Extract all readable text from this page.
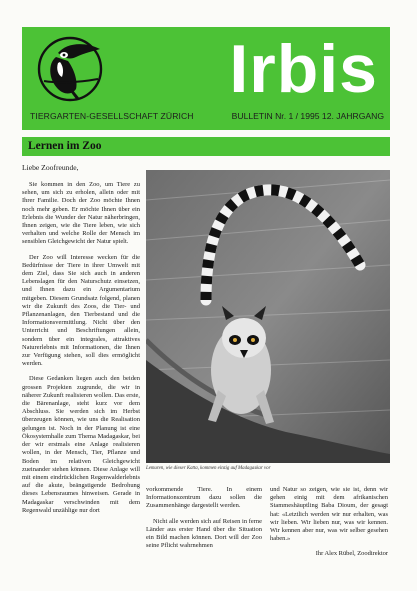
Irbis
TIERGARTEN-GESELLSCHAFT ZÜRICH	BULLETIN Nr. 1 / 1995 12. JAHRGANG
Lernen im Zoo
Liebe Zoofreunde,

Sie kommen in den Zoo, um Tiere zu sehen, um sich zu erholen, allein oder mit Ihrer Familie. Doch der Zoo möchte Ihnen noch mehr geben. Er möchte Ihnen über ein Erlebnis die Wunder der Natur näherbringen, Ihnen zeigen, wie die Tiere leben, wie sich verhalten und welche Rolle der Mensch im sensiblen Gleichgewicht der Natur spielt.

Der Zoo will Interesse wecken für die Bedürfnisse der Tiere in ihrer Umwelt mit dem Ziel, dass Sie sich auch in anderen Lebenslagen für den Naturschutz einsetzen, und Ihnen dazu ein Argumentarium mitgeben. Diesem Grundsatz folgend, planen wir die Zukunft des Zoos, die Tier- und Pflanzenanlagen, den Tierbestand und die Informationsvermittlung. Nicht über den Unterricht und Beschriftungen allein, sondern über ein integrales, attraktives Naturerlebnis mit Informationen, die Ihnen zur Verfügung stehen, soll dies ermöglicht werden.

Diese Gedanken liegen auch den beiden grossen Projekten zugrunde, die wir in näherer Zukunft realisieren wollen. Das erste, die Bärenanlage, steht kurz vor dem Abschluss. Sie werden sich im Herbst überzeugen können, wie uns die Realisation gelungen ist. Noch in der Planung ist eine Ökosystemhalle zum Thema Madagaskar, bei der wir erstmals eine Anlage realisieren wollen, in der Mensch, Tier, Pflanze und Boden im relativen Gleichgewicht zueinander stehen können. Diese Anlage will mit einem eindrücklichen Regenwalderlebnis auf die akute, beängstigende Bedrohung dieses Lebensraumes hinweisen. Gerade in Madagaskar verschwinden mit dem Regenwald unzählige nur dort

Lemuren, wie dieser Katta, kommen einzig auf Madagaskar vor

vorkommende Tiere. In einem Informationszentrum dazu sollen die Zusammenhänge dargestellt werden.

Nicht alle werden sich auf Reisen in ferne Länder aus erster Hand über die Situation ein Bild machen können. Dort will der Zoo seine Pflicht wahrnehmen

und Natur so zeigen, wie sie ist, denn wir gehen einig mit dem afrikanischen Stammeshäuptling Baba Dioum, der gesagt hat: «Letztlich werden wir nur erhalten, was wir lieben. Wir lieben nur, was wir kennen. Wir kennen aber nur, was wir selber gesehen haben.»

Ihr Alex Rübel, Zoodirektor
